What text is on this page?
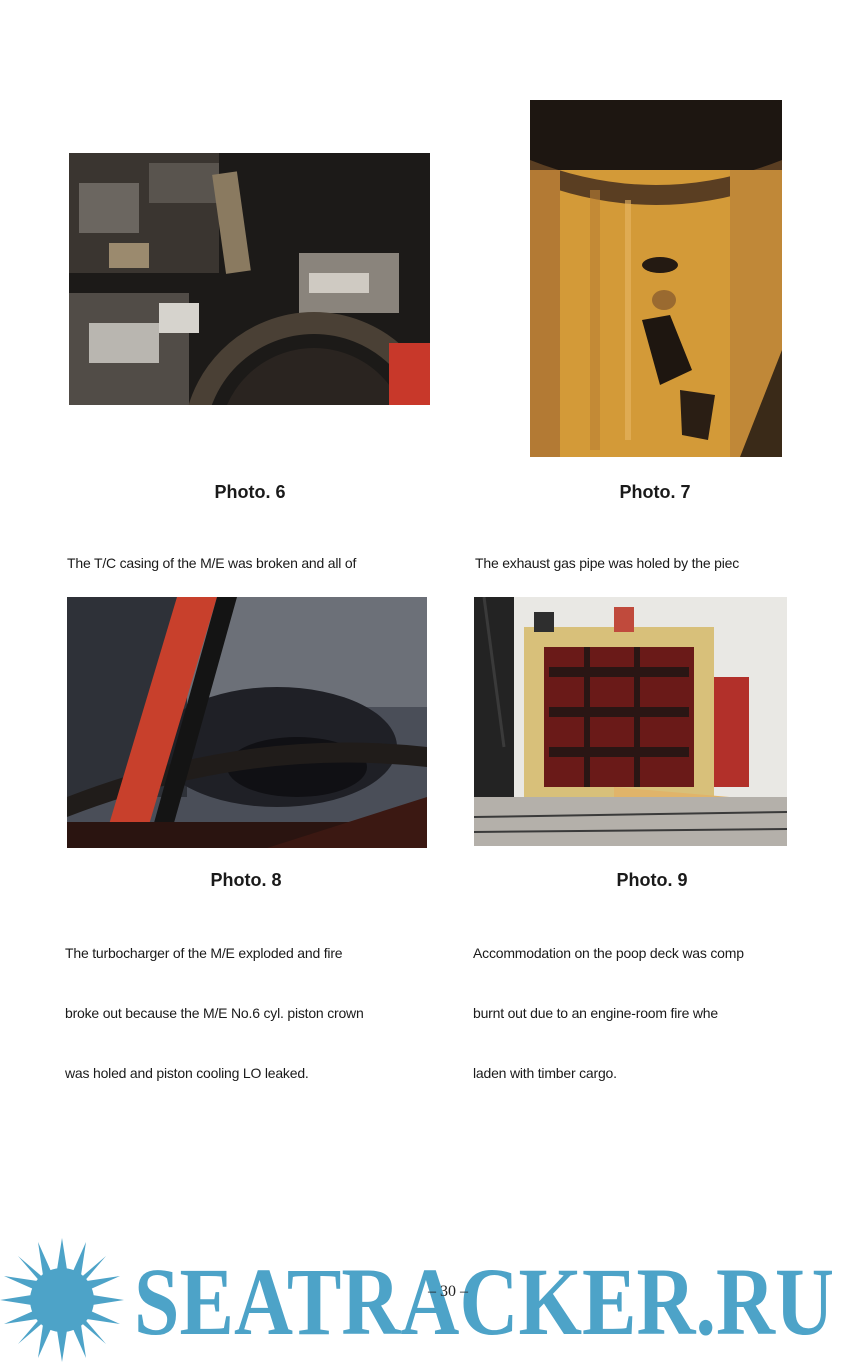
Photo. 6	Photo. 7

The T/C casing of the M/E was broken and all of

	The exhaust gas pipe was holed by the piec

Photo. 8	Photo. 9

The turbocharger of the M/E exploded and fire

broke out because the M/E No.6 cyl. piston crown

was holed and piston cooling LO leaked.

Accommodation on the poop deck was comp

burnt out due to an engine-room fire whe

laden with timber cargo.

SEATRACKER.RU
– 30 –
